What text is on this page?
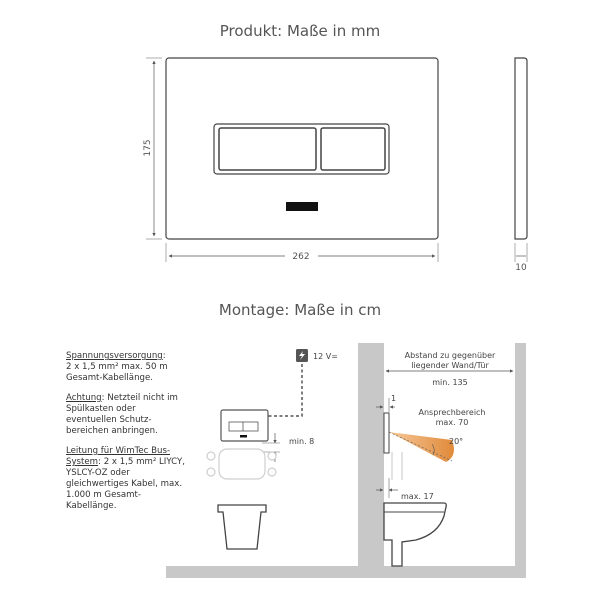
Produkt: Maße in mm
Montage: Maße in cm
175
262
10
12 V=
min. 8
Abstand zu gegenüber
liegender Wand/Tür
min. 135
1
20°
Ansprechbereich
max. 70
max. 17

Spannungsversorgung:
2 x 1,5 mm² max. 50 m Gesamt-Kabellänge.

Achtung: Netzteil nicht im Spülkasten oder eventuellen Schutzbereichen anbringen.

Leitung für WimTec Bus-System: 2 x 1,5 mm² LIYCY, YSLCY-OZ oder gleichwertiges Kabel, max. 1.000 m Gesamt-Kabellänge.
